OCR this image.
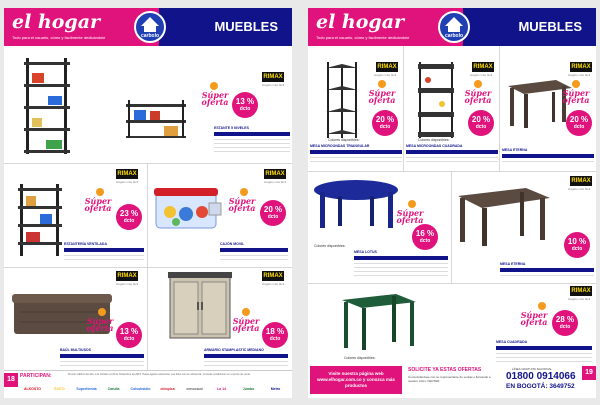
el hogar
Todo para el usuario, cómo y facilmente dedicándole	carbolo
MUEBLES
RIMAX
Hágalo más fácil
Súper oferta 13 %
dcto
ESTANTE 5 NIVELES
RIMAX
Hágalo más fácil
Súper oferta
23 %
dcto
ESTANTERÍA VENTILADA
RIMAX
Hágalo más fácil
Súper oferta	20 %
dcto
CAJÓN MOVIL
RIMAX
Hágalo más fácil
Súper oferta 13 %
dcto
BAÚL MULTIUSOS
RIMAX
Hágalo más fácil
Súper oferta 18 %
dcto
ARMARIO STAMPLASTIC MEDIANO
18	PARTICIPAN:	Precios válidos del año 1 de Octubre al 15 de Noviembre de 2015. Hasta agotar existencias. Las fotos son de referencia. Consulte condiciones en el punto de venta.
ALKOSTO	ÉXITO	Supertienda	Carulla	Colsubsidio	olímpica	cencosud	La 14	Jumbo	Metro
el hogar
Todo para el usuario, cómo y facilmente dedicándole	carbolo
MUEBLES
RIMAX
Hágalo más fácil
Súper oferta
20 %
dcto
Colores disponibles:
MESA MICROONDAS TRIANGULAR
RIMAX
Hágalo más fácil
Súper oferta
20 %
dcto
Colores disponibles:
MESA MICROONDAS CUADRADA
RIMAX
Hágalo más fácil
Súper oferta
20 %
dcto
MESA ETERNA
Colores disponibles:
Súper oferta
16 %
dcto
MESA LOTUS
RIMAX
Hágalo más fácil
10 %
dcto
MESA ETERNA
Colores disponibles:
RIMAX
Hágalo más fácil
Súper oferta	28 %
dcto
MESA CUADRADA
Visite nuestra página web www.elhogar.com.co y conozca más productos
SOLICITE YA ESTAS OFERTAS
Comunicándose con su representante de ventas o llamando a nuestro CALL CENTER
LÍNEA GRATUITA NACIONAL
01800 0914066
EN BOGOTÁ: 3649752
19
